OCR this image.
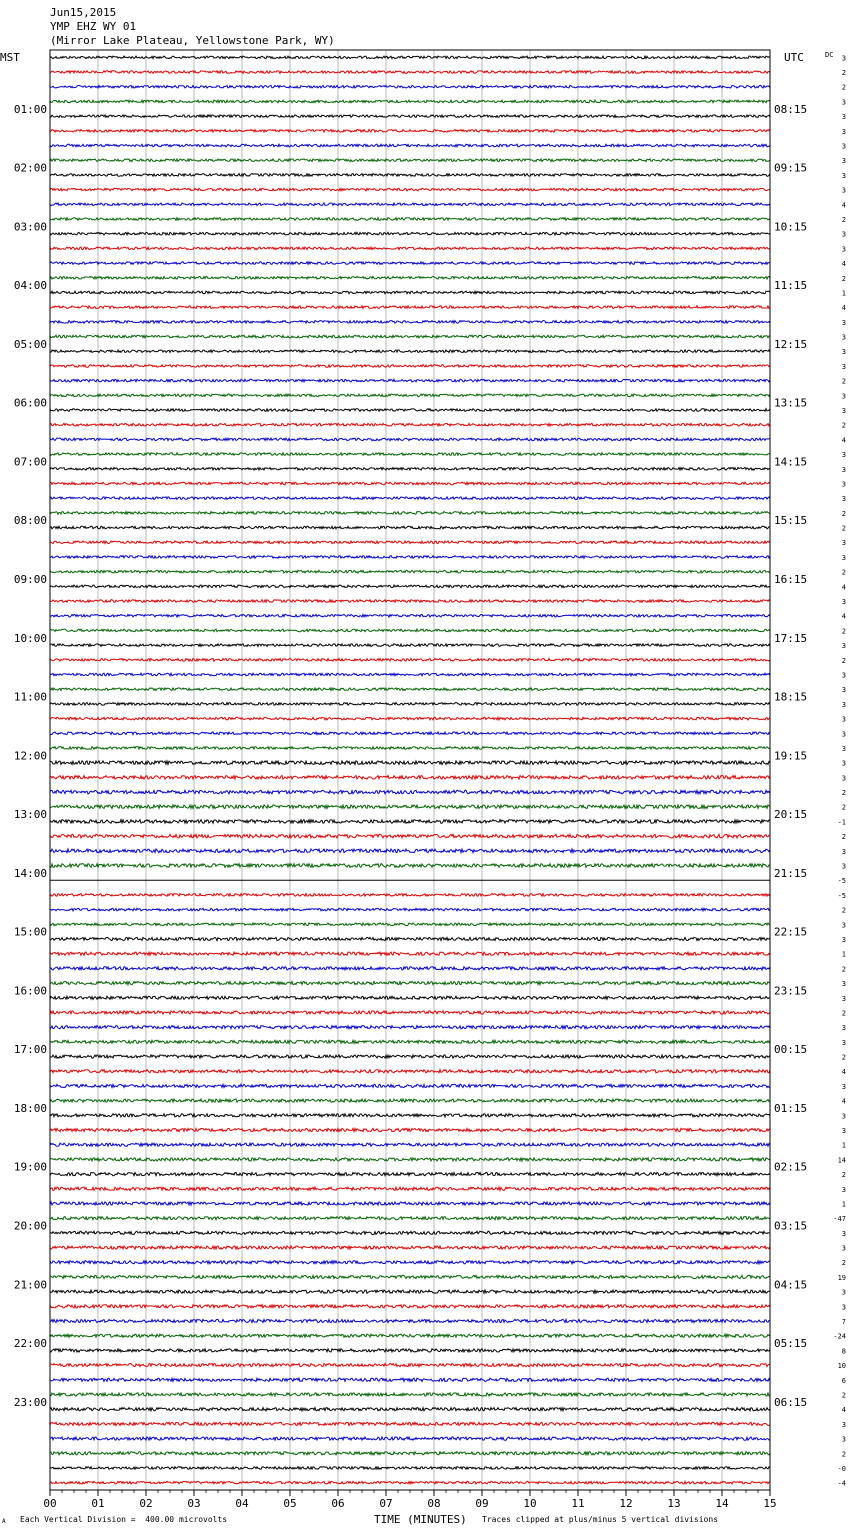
Jun15,2015
YMP EHZ WY 01
(Mirror Lake Plateau, Yellowstone Park, WY)
00	01	02	03	04	05	06	07	08	09	10	11	12	13	14	15
01:00
02:00
03:00
04:00
05:00
06:00
07:00
08:00
09:00
10:00
11:00
12:00
13:00
14:00
15:00
16:00
17:00
18:00
19:00
20:00
21:00
22:00
23:00
08:15
09:15
10:15
11:15
12:15
13:15
14:15
15:15
16:15
17:15
18:15
19:15
20:15
21:15
22:15
23:15
00:15
01:15
02:15
03:15
04:15
05:15
06:15
3
2
2
3
3
3
3
3
3
3
4
2
3
3
4
2
1
4
3
3
3
3
2
3
3
2
4
3
3
3
3
2
2
3
3
2
4
3
4
2
3
2
3
3
3
3
3
3
3
3
2
2
-1
2
3
3
-5
-5
2
3
3
1
2
3
3
2
3
3
2
4
3
4
3
3
1
14
2
3
1
-47
3
3
2
19
3
3
7
-24
8
10
6
2
4
3
3
2
-0
-4
MST	UTC	DC
TIME (MINUTES)
A Each Vertical Division =  400.00 microvolts	Traces clipped at plus/minus 5 vertical divisions
